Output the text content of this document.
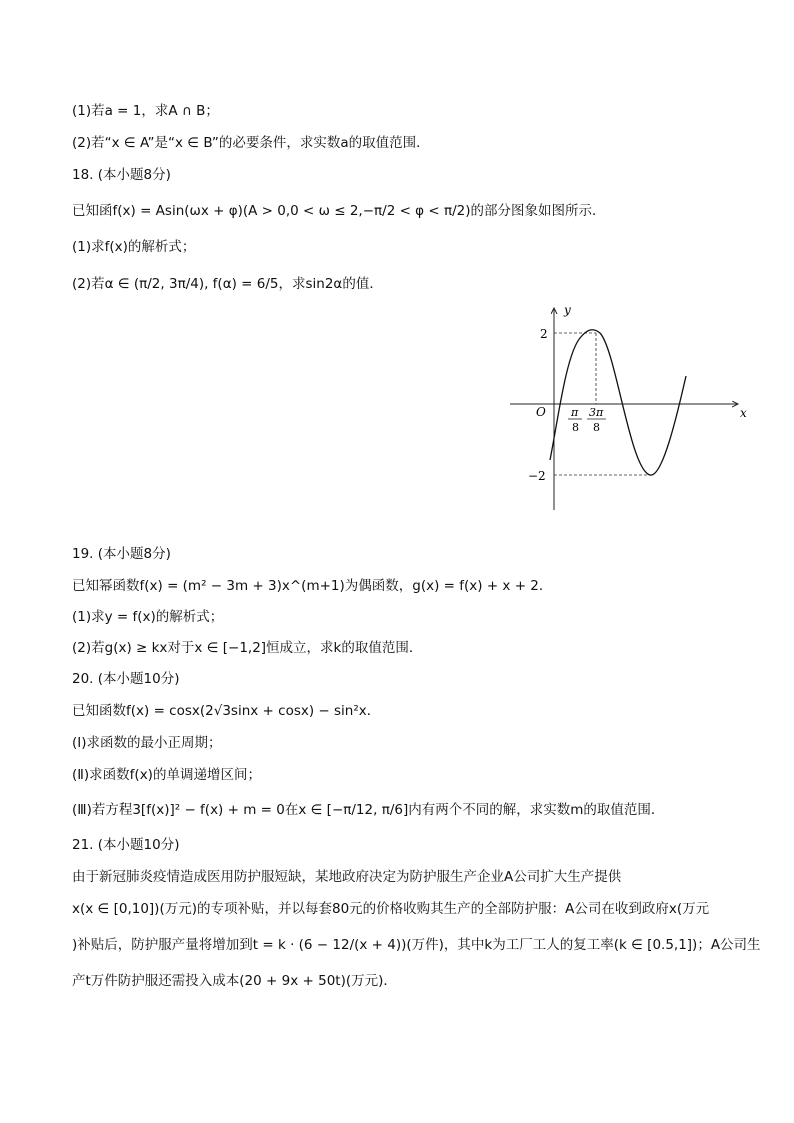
(1)若a = 1，求A ∩ B；
(2)若“x ∈ A”是“x ∈ B”的必要条件，求实数a的取值范围．
18. (本小题8分)
已知函f(x) = Asin(ωx + φ)(A > 0,0 < ω ≤ 2,−π/2 < φ < π/2)的部分图象如图所示．
(1)求f(x)的解析式；
(2)若α ∈ (π/2, 3π/4), f(α) = 6/5，求sin2α的值．
y
x
O
2
−2
π
8
3π
8
19. (本小题8分)
已知幂函数f(x) = (m² − 3m + 3)x^(m+1)为偶函数，g(x) = f(x) + x + 2．
(1)求y = f(x)的解析式；
(2)若g(x) ≥ kx对于x ∈ [−1,2]恒成立，求k的取值范围．
20. (本小题10分)
已知函数f(x) = cosx(2√3sinx + cosx) − sin²x．
(Ⅰ)求函数的最小正周期；
(Ⅱ)求函数f(x)的单调递增区间；
(Ⅲ)若方程3[f(x)]² − f(x) + m = 0在x ∈ [−π/12, π/6]内有两个不同的解，求实数m的取值范围．
21. (本小题10分)
由于新冠肺炎疫情造成医用防护服短缺，某地政府决定为防护服生产企业A公司扩大生产提供
x(x ∈ [0,10])(万元)的专项补贴，并以每套80元的价格收购其生产的全部防护服：A公司在收到政府x(万元
)补贴后，防护服产量将增加到t = k · (6 − 12/(x + 4))(万件)，其中k为工厂工人的复工率(k ∈ [0.5,1])；A公司生
产t万件防护服还需投入成本(20 + 9x + 50t)(万元)．
